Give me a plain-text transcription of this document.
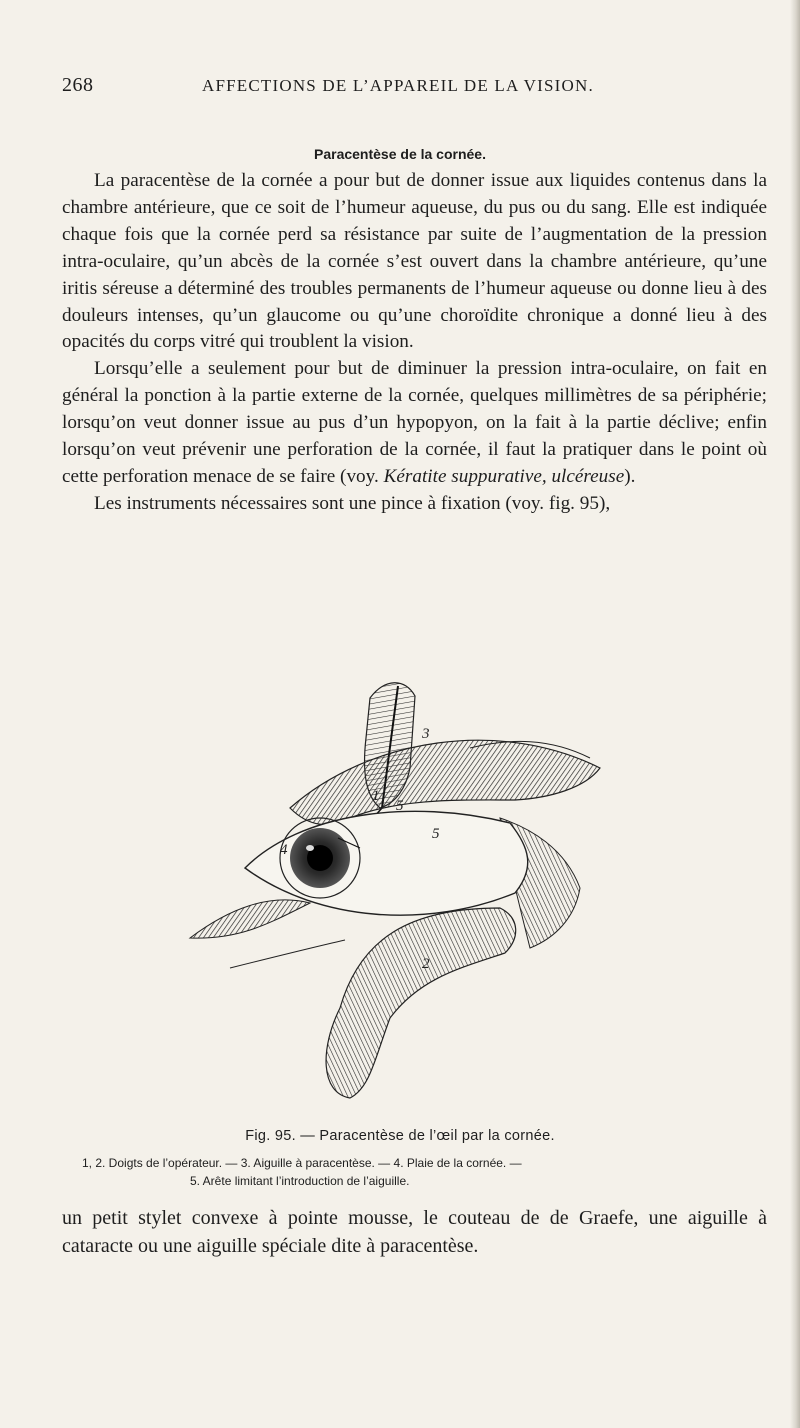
268	AFFECTIONS DE L’APPAREIL DE LA VISION.
Paracentèse de la cornée.

La paracentèse de la cornée a pour but de donner issue aux liquides contenus dans la chambre antérieure, que ce soit de l’humeur aqueuse, du pus ou du sang. Elle est indiquée chaque fois que la cornée perd sa résistance par suite de l’augmentation de la pression intra-oculaire, qu’un abcès de la cornée s’est ouvert dans la chambre antérieure, qu’une iritis séreuse a déterminé des troubles permanents de l’humeur aqueuse ou donne lieu à des douleurs intenses, qu’un glaucome ou qu’une choroïdite chronique a donné lieu à des opacités du corps vitré qui troublent la vision.

Lorsqu’elle a seulement pour but de diminuer la pression intra-oculaire, on fait en général la ponction à la partie externe de la cornée, quelques millimètres de sa périphérie; lorsqu’on veut donner issue au pus d’un hypopyon, on la fait à la partie déclive; enfin lorsqu’on veut prévenir une perforation de la cornée, il faut la pratiquer dans le point où cette perforation menace de se faire (voy. Kératite suppurative, ulcéreuse).

Les instruments nécessaires sont une pince à fixation (voy. fig. 95),

1
2
3
4
5
5
Fig. 95. — Paracentèse de l’œil par la cornée.
1, 2. Doigts de l’opérateur. — 3. Aiguille à paracentèse. — 4. Plaie de la cornée. —
5. Arête limitant l’introduction de l’aiguille.

un petit stylet convexe à pointe mousse, le couteau de de Graefe, une aiguille à cataracte ou une aiguille spéciale dite à paracentèse.
